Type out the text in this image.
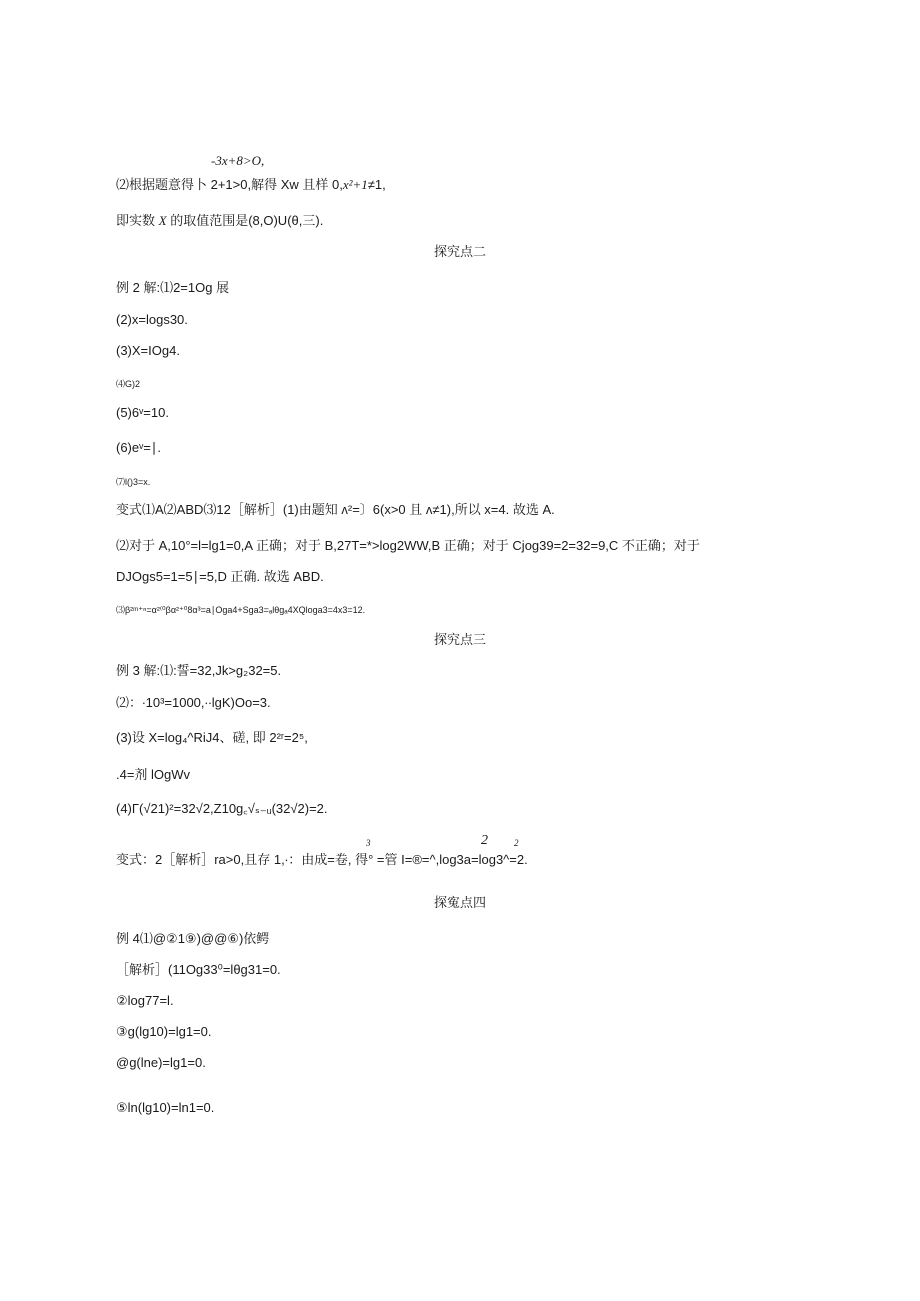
-3x+8>O,
⑵根据题意得卜 2+1>0,解得 Xw 且样 0,x²+1≠1,
即实数 X 的取值范围是(8,O)U(θ,三).
探究点二
例 2 解:⑴2=1Og 展
(2)x=logs30.
(3)X=IOg4.
⑷G)2
(5)6ᵛ=10.
(6)eᵛ=∣.
⑺l()3=x.
变式⑴A⑵ABD⑶12［解析］(1)由题知 ʌ²=〕6(x>0 且 ʌ≠1),所以 x=4. 故选 A.
⑵对于 A,10°=l=lg1=0,A 正确；对于 B,27T=*>log2WW,B 正确；对于 Cjog39=2=32=9,C 不正确；对于
DJOgs5=1=5∣=5,D 正确. 故选 ABD.
⑶β²ᵐ⁺ⁿ=α²⁽⁰βα²⁺⁰8α³=a∣Oga4+Sga3=ₐlθgₐ4XQloga3=4x3=12.
探究点三
例 3 解:⑴:誓=32,Jk>g₂32=5.
⑵：∙10³=1000,∙∙lgK)Oo=3.
(3)设 X=log₄^RiJ4、磋, 即 2²ʳ=2⁵,
.4=剂 lOgWv
(4)Γ(√21)²=32√2,Z10g꜀√ₛ₋ᵤ(32√2)=2.
3	2	2
变式：2［解析］ra>0,且存 1,∙：由成=卷, 得° =管 I=®=^,log3a=log3^=2.
探寃点四
例 4⑴@②1⑨)@@⑥)依鳄
［解析］(11Og33⁰=lθg31=0.
②log77=l.
③g(lg10)=lg1=0.
@g(lne)=lg1=0.
⑤ln(lg10)=ln1=0.
